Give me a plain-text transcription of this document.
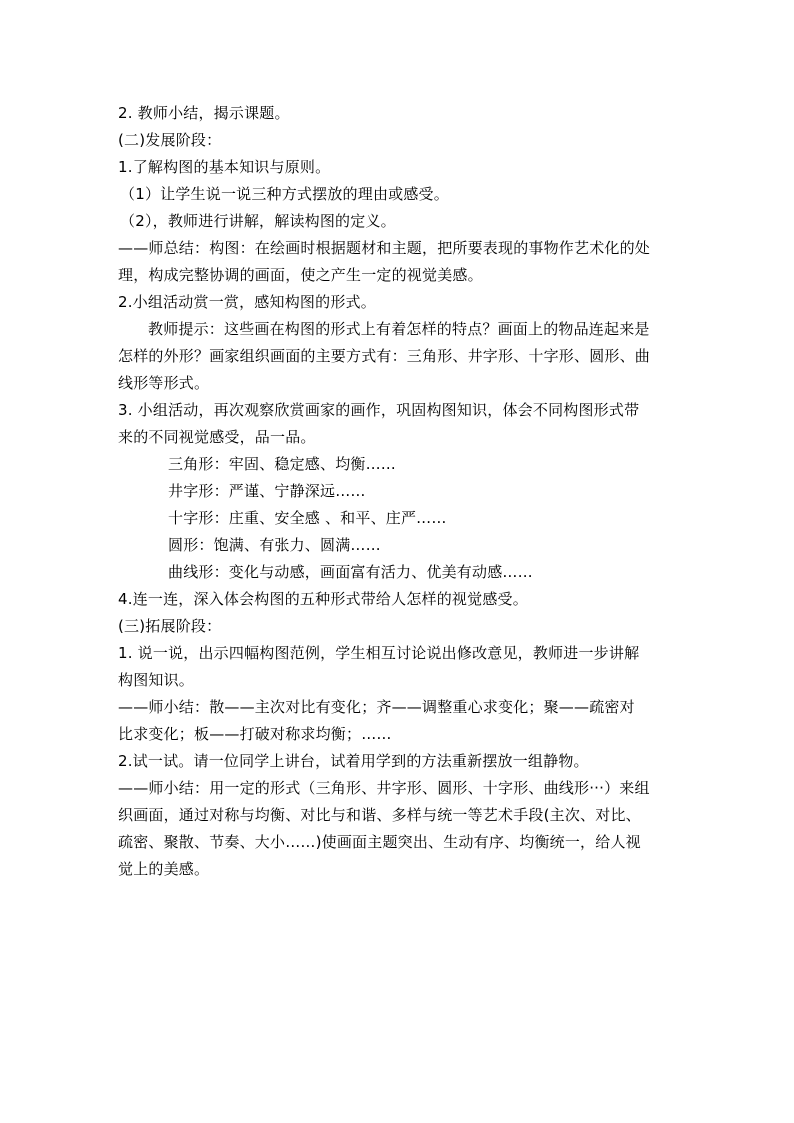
2. 教师小结，揭示课题。
(二)发展阶段：
1.了解构图的基本知识与原则。
（1）让学生说一说三种方式摆放的理由或感受。
（2），教师进行讲解，解读构图的定义。
——师总结：构图：在绘画时根据题材和主题，把所要表现的事物作艺术化的处
理，构成完整协调的画面，使之产生一定的视觉美感。
2.小组活动赏一赏，感知构图的形式。
教师提示：这些画在构图的形式上有着怎样的特点？画面上的物品连起来是
怎样的外形？画家组织画面的主要方式有：三角形、井字形、十字形、圆形、曲
线形等形式。
3. 小组活动，再次观察欣赏画家的画作，巩固构图知识，体会不同构图形式带
来的不同视觉感受，品一品。
三角形：牢固、稳定感、均衡……
井字形：严谨、宁静深远……
十字形：庄重、安全感 、和平、庄严……
圆形：饱满、有张力、圆满……
曲线形：变化与动感，画面富有活力、优美有动感……
4.连一连，深入体会构图的五种形式带给人怎样的视觉感受。
(三)拓展阶段：
1. 说一说，出示四幅构图范例，学生相互讨论说出修改意见，教师进一步讲解
构图知识。
——师小结：散——主次对比有变化；齐——调整重心求变化；聚——疏密对
比求变化；板——打破对称求均衡；……
2.试一试。请一位同学上讲台，试着用学到的方法重新摆放一组静物。
——师小结：用一定的形式（三角形、井字形、圆形、十字形、曲线形···）来组
织画面，通过对称与均衡、对比与和谐、多样与统一等艺术手段(主次、对比、
疏密、聚散、节奏、大小……)使画面主题突出、生动有序、均衡统一，给人视
觉上的美感。
